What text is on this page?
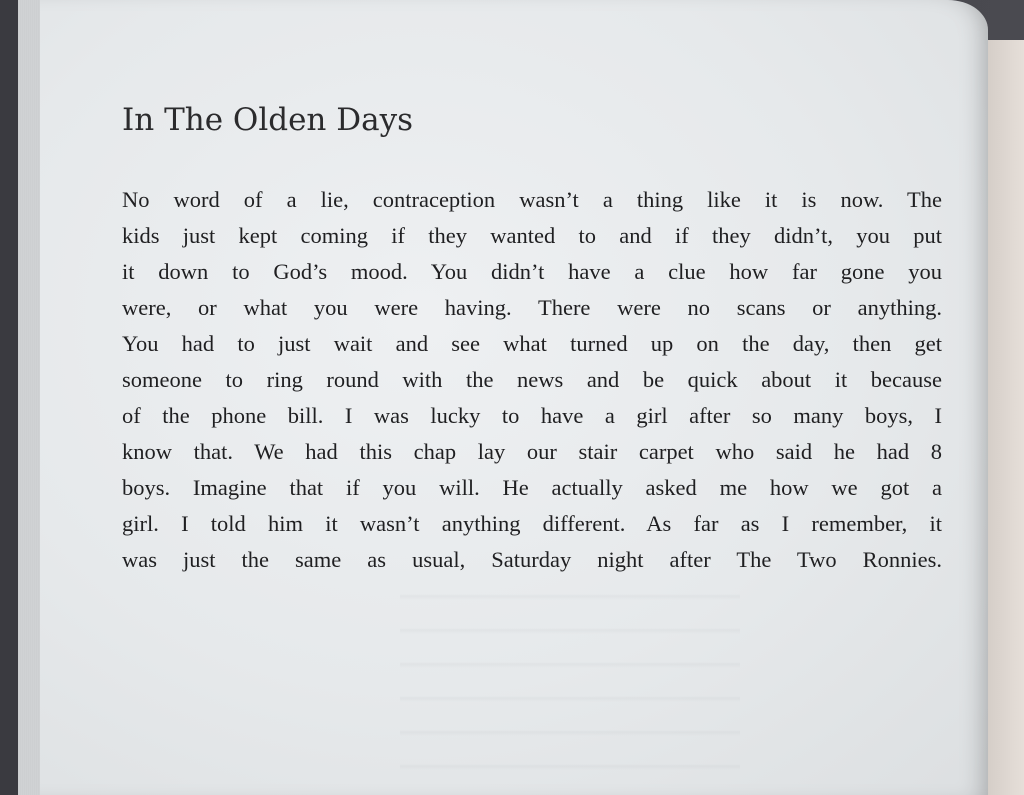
In The Olden Days
No word of a lie, contraception wasn’t a thing like it is now. The
kids just kept coming if they wanted to and if they didn’t, you put
it down to God’s mood. You didn’t have a clue how far gone you
were, or what you were having. There were no scans or anything.
You had to just wait and see what turned up on the day, then get
someone to ring round with the news and be quick about it because
of the phone bill. I was lucky to have a girl after so many boys, I
know that. We had this chap lay our stair carpet who said he had 8
boys. Imagine that if you will. He actually asked me how we got a
girl. I told him it wasn’t anything different. As far as I remember, it
was just the same as usual, Saturday night after The Two Ronnies.
